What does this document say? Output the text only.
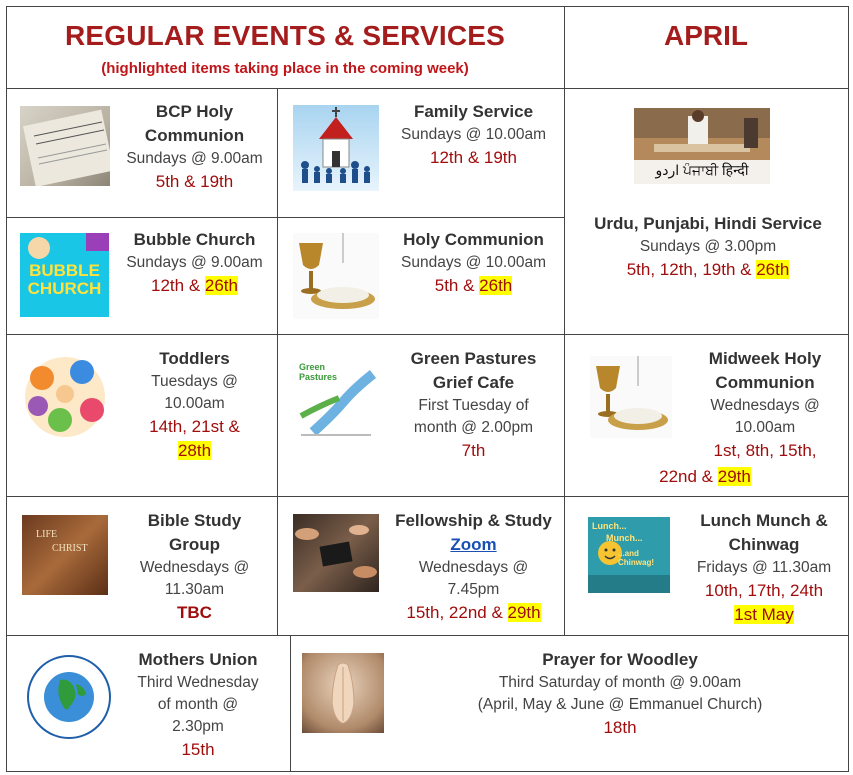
REGULAR EVENTS & SERVICES
(highlighted items taking place in the coming week)
APRIL
BCP Holy
Communion
Sundays @ 9.00am
5th & 19th
Family Service
Sundays @ 10.00am
12th & 19th
اردو ਪੰਜਾਬੀ हिन्दी
Urdu, Punjabi, Hindi Service
Sundays @ 3.00pm
5th, 12th, 19th & 26th
BUBBLE
CHURCH
Bubble Church
Sundays @ 9.00am
12th & 26th
Holy Communion
Sundays @ 10.00am
5th & 26th
Toddlers
Tuesdays @
10.00am
14th, 21st &
28th
Green
Pastures
Green Pastures
Grief Cafe
First Tuesday of
month @ 2.00pm
7th
Midweek Holy
Communion
Wednesdays @
10.00am
1st, 8th, 15th,
22nd & 29th
LIFE
CHRIST
Bible Study
Group
Wednesdays @
11.30am
TBC
Fellowship & Study
Zoom
Wednesdays @
7.45pm
15th, 22nd & 29th
Lunch...
Munch...
...and Chinwag!
Lunch Munch &
Chinwag
Fridays @ 11.30am
10th, 17th, 24th
1st May
Mothers Union
Third Wednesday
of month @
2.30pm
15th
Prayer for Woodley
Third Saturday of month @ 9.00am
(April, May & June @ Emmanuel Church)
18th
